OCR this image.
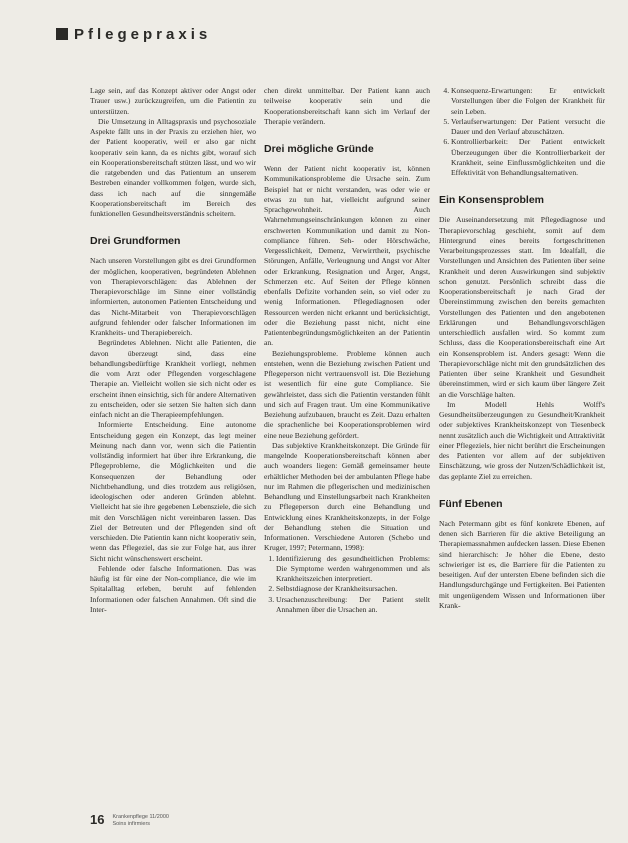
Pflegepraxis

Lage sein, auf das Konzept aktiver oder Angst oder Trauer usw.) zurückzugreifen, um die Patientin zu unterstützen.

Die Umsetzung in Alltagspraxis und psychosoziale Aspekte fällt uns in der Praxis zu erziehen hier, wo der Patient kooperativ, weil er also gar nicht kooperativ sein kann, da es nichts gibt, worauf sich ein Kooperationsbereitschaft stützen lässt, und wo wir die ratgebenden und das Patientum an unserem Bestreben einander vollkommen folgen, wurde sich, dass ich nach auf die sinngemäße Kooperationsbereitschaft im Bereich des funktionellen Gesundheitsverständnis scheitern.

Drei Grundformen

Nach unseren Vorstellungen gibt es drei Grundformen der möglichen, kooperativen, begründeten Ablehnen von Therapievorschlägen: das Ablehnen der Therapievorschläge im Sinne einer vollständig informierten, autonomen Patienten Entscheidung und das Nicht-Mitarbeit von Therapievorschlägen aufgrund fehlender oder falscher Informationen im Krankheits- und Therapiebereich.

Begründetes Ablehnen. Nicht alle Patienten, die davon überzeugt sind, dass eine behandlungsbedürftige Krankheit vorliegt, nehmen die vom Arzt oder Pflegenden vorgeschlagene Therapie an. Vielleicht wollen sie sich nicht oder es erscheint ihnen einsichtig, sich für andere Alternativen zu entscheiden, oder sie setzen Sie halten sich dann einfach nicht an die Therapieempfehlungen.

Informierte Entscheidung. Eine autonome Entscheidung gegen ein Konzept, das legt meiner Meinung nach dann vor, wenn sich die Patientin vollständig informiert hat über ihre Erkrankung, die Pflegeprobleme, die Möglichkeiten und die Konsequenzen der Behandlung oder Nichtbehandlung, und dies trotzdem aus religiösen, ideologischen oder anderen Gründen ablehnt. Vielleicht hat sie ihre gegebenen Lebensziele, die sich mit den Vorschlägen nicht vereinbaren lassen. Das Ziel der Betreuten und der Pflegenden sind oft verschieden. Die Patientin kann nicht kooperativ sein, wenn das Pflegeziel, das sie zur Folge hat, aus ihrer Sicht nicht wünschenswert erscheint.

Fehlende oder falsche Informationen. Das was häufig ist für eine der Non-compliance, die wie im Spitalalltag erleben, beruht auf fehlenden Informationen oder falschen Annahmen. Oft sind die Inter-

chen direkt unmittelbar. Der Patient kann auch teilweise kooperativ sein und die Kooperationsbereitschaft kann sich im Verlauf der Therapie verändern.

Drei mögliche Gründe

Wenn der Patient nicht kooperativ ist, können Kommunikationsprobleme die Ursache sein. Zum Beispiel hat er nicht verstanden, was oder wie er etwas zu tun hat, vielleicht aufgrund seiner Sprachgewohnheit. Auch Wahrnehmungseinschränkungen können zu einer erschwerten Kommunikation und damit zu Non-compliance führen. Seh- oder Hörschwäche, Vergesslichkeit, Demenz, Verwirrtheit, psychische Störungen, Anfälle, Verleugnung und Angst vor Alter oder Erkrankung, Resignation und Ärger, Angst, Schmerzen etc. Auf Seiten der Pflege können ebenfalls Defizite vorhanden sein, so viel oder zu wenig Informationen. Pflegediagnosen oder Ressourcen werden nicht erkannt und berücksichtigt, oder die Beziehung passt nicht, nicht eine Patientenbegründungsmöglichkeiten an der Patientin an.

Beziehungsprobleme. Probleme können auch entstehen, wenn die Beziehung zwischen Patient und Pflegeperson nicht vertrauensvoll ist. Die Beziehung ist wesentlich für eine gute Compliance. Sie gewährleistet, dass sich die Patientin verstanden fühlt und sich auf Fragen traut. Um eine Kommunikative Beziehung aufzubauen, braucht es Zeit. Dazu erhalten die sprachenliche bei Kooperationsproblemen wird eine neue Beziehung gefördert.

Das subjektive Krankheitskonzept. Die Gründe für mangelnde Kooperationsbereitschaft können aber auch woanders liegen: Gemäß gemeinsamer heute erhältlicher Methoden bei der ambulanten Pflege habe nur im Rahmen die pflegerischen und medizinischen Behandlung und Einstellungsarbeit nach Krankheiten zu Pflegeperson durch eine Behandlung und Entwicklung eines Krankheitskonzepts, in der Folge der Behandlung stehen die Situation und Informationen. Verschiedene Autoren (Schebo und Kruger, 1997; Petermann, 1998):

1. Identifizierung des gesundheitlichen Problems: Die Symptome werden wahrgenommen und als Krankheitszeichen interpretiert.
2. Selbstdiagnose der Krankheitsursachen.
3. Ursachenzuschreibung: Der Patient stellt Annahmen über die Ursachen an.
4. Konsequenz-Erwartungen: Er entwickelt Vorstellungen über die Folgen der Krankheit für sein Leben.
5. Verlaufserwartungen: Der Patient versucht die Dauer und den Verlauf abzuschätzen.
6. Kontrollierbarkeit: Der Patient entwickelt Überzeugungen über die Kontrollierbarkeit der Krankheit, seine Einflussmöglichkeiten und die Effektivität von Behandlungsalternativen.
Ein Konsensproblem

Die Auseinandersetzung mit Pflegediagnose und Therapievorschlag geschieht, somit auf dem Hintergrund eines bereits fortgeschrittenen Verarbeitungsprozesses statt. Im Idealfall, die Vorstellungen und Ansichten des Patienten über seine Krankheit und deren Auswirkungen sind subjektiv schon genutzt. Persönlich schreibt dass die Kooperationsbereitschaft je nach Grad der Übereinstimmung zwischen den bereits gemachten Vorstellungen des Patienten und den angebotenen Erklärungen und Behandlungsvorschlägen unterschiedlich ausfallen wird. So kommt zum Schluss, dass die Kooperationsbereitschaft eine Art ein Konsensproblem ist. Anders gesagt: Wenn die Therapievorschläge nicht mit den grundsätzlichen des Patienten über seine Krankheit und Gesundheit übereinstimmen, wird er sich kaum über längere Zeit an die Vorschläge halten.

Im Modell Hehls Wolff's Gesundheitsüberzeugungen zu Gesundheit/Krankheit oder subjektives Krankheitskonzept von Tiesenbeck nennt zusätzlich auch die Wichtigkeit und Attraktivität einer Pflegeziels, hier nicht berührt die Erscheinungen des Patienten vor allem auf der subjektiven Einschätzung, wie gross der Nutzen/Schädlichkeit ist, das geplante Ziel zu erreichen.

Fünf Ebenen

Nach Petermann gibt es fünf konkrete Ebenen, auf denen sich Barrieren für die aktive Beteiligung an Therapiemassnahmen aufdecken lassen. Diese Ebenen sind hierarchisch: Je höher die Ebene, desto schwieriger ist es, die Barriere für die Patienten zu beseitigen. Auf der untersten Ebene befinden sich die Handlungsdurchgänge und Fertigkeiten. Bei Patienten mit ungenügendem Wissen und Informationen über Krank-

16 Krankenpflege 11/2000
Soins infirmiers
